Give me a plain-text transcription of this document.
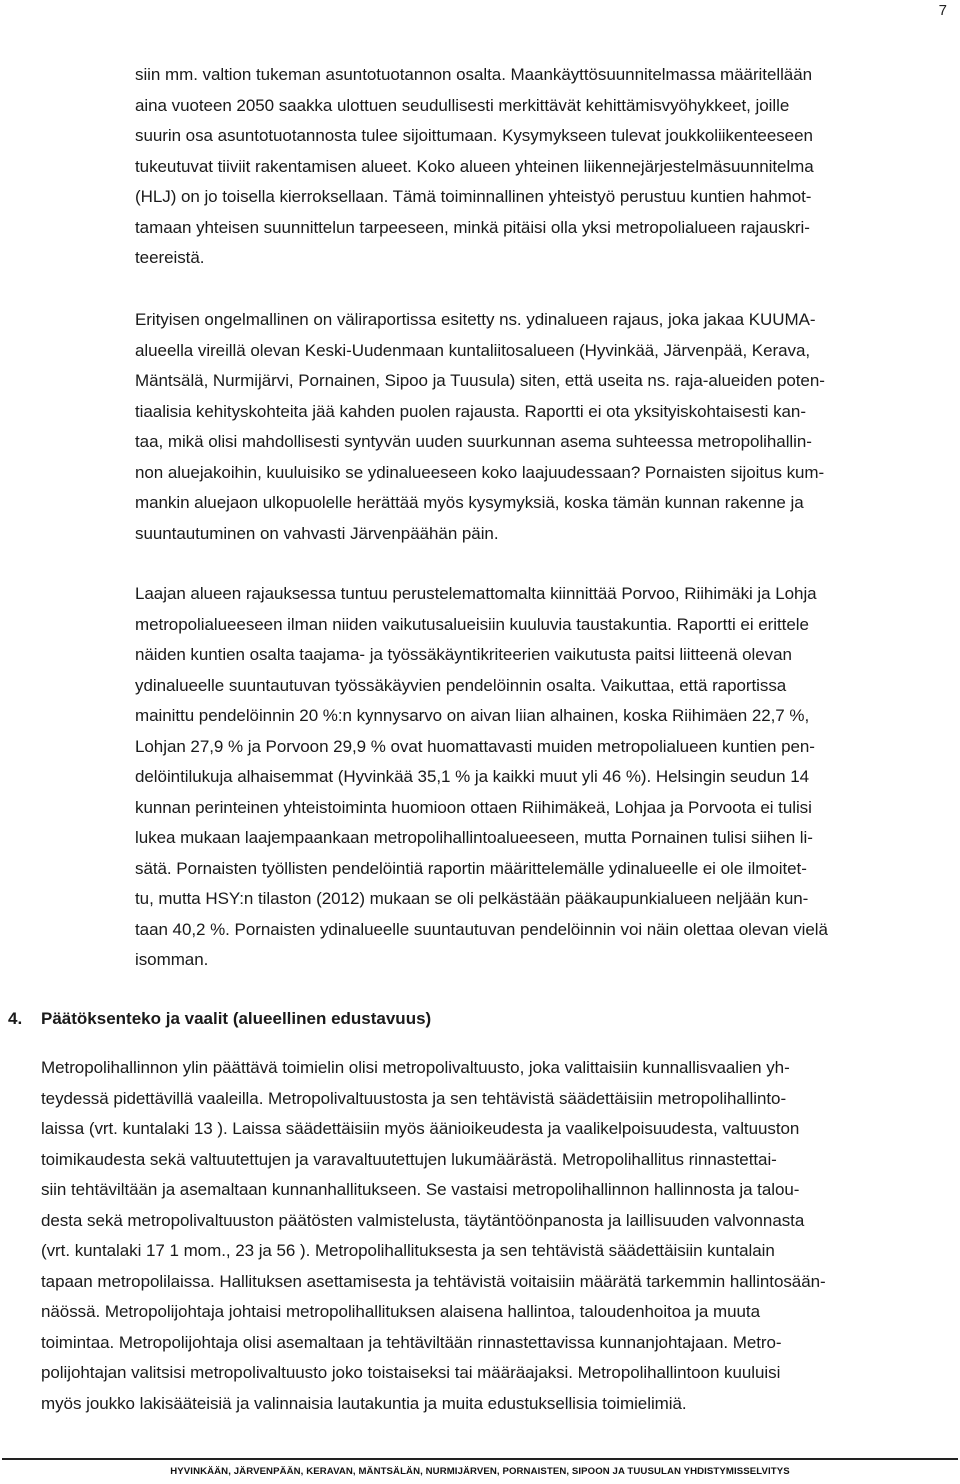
7

siin mm. valtion tukeman asuntotuotannon osalta. Maankäyttösuunnitelmassa määritellään

aina vuoteen 2050 saakka ulottuen seudullisesti merkittävät kehittämisvyöhykkeet, joille

suurin osa asuntotuotannosta tulee sijoittumaan. Kysymykseen tulevat joukkoliikenteeseen

tukeutuvat tiiviit rakentamisen alueet. Koko alueen yhteinen liikennejärjestelmäsuunnitelma

(HLJ) on jo toisella kierroksellaan. Tämä toiminnallinen yhteistyö perustuu kuntien hahmot-

tamaan yhteisen suunnittelun tarpeeseen, minkä pitäisi olla yksi metropolialueen rajauskri-

teereistä.

Erityisen ongelmallinen on väliraportissa esitetty ns. ydinalueen rajaus, joka jakaa KUUMA-

alueella vireillä olevan Keski-Uudenmaan kuntaliitosalueen (Hyvinkää, Järvenpää, Kerava,

Mäntsälä, Nurmijärvi, Pornainen, Sipoo ja Tuusula) siten, että useita ns. raja-alueiden poten-

tiaalisia kehityskohteita jää kahden puolen rajausta. Raportti ei ota yksityiskohtaisesti kan-

taa, mikä olisi mahdollisesti syntyvän uuden suurkunnan asema suhteessa metropolihallin-

non aluejakoihin, kuuluisiko se ydinalueeseen koko laajuudessaan? Pornaisten sijoitus kum-

mankin aluejaon ulkopuolelle herättää myös kysymyksiä, koska tämän kunnan rakenne ja

suuntautuminen on vahvasti Järvenpäähän päin.

Laajan alueen rajauksessa tuntuu perustelemattomalta kiinnittää Porvoo, Riihimäki ja Lohja

metropolialueeseen ilman niiden vaikutusalueisiin kuuluvia taustakuntia. Raportti ei erittele

näiden kuntien osalta taajama- ja työssäkäyntikriteerien vaikutusta paitsi liitteenä olevan

ydinalueelle suuntautuvan työssäkäyvien pendelöinnin osalta. Vaikuttaa, että raportissa

mainittu pendelöinnin 20 %:n kynnysarvo on aivan liian alhainen, koska Riihimäen 22,7 %,

Lohjan 27,9 % ja Porvoon 29,9 % ovat huomattavasti muiden metropolialueen kuntien pen-

delöintilukuja alhaisemmat (Hyvinkää 35,1 % ja kaikki muut yli 46 %). Helsingin seudun 14

kunnan perinteinen yhteistoiminta huomioon ottaen Riihimäkeä, Lohjaa ja Porvoota ei tulisi

lukea mukaan laajempaankaan metropolihallintoalueeseen, mutta Pornainen tulisi siihen li-

sätä. Pornaisten työllisten pendelöintiä raportin määrittelemälle ydinalueelle ei ole ilmoitet-

tu, mutta HSY:n tilaston (2012) mukaan se oli pelkästään pääkaupunkialueen neljään kun-

taan 40,2 %. Pornaisten ydinalueelle suuntautuvan pendelöinnin voi näin olettaa olevan vielä

isomman.

4. Päätöksenteko ja vaalit (alueellinen edustavuus)

Metropolihallinnon ylin päättävä toimielin olisi metropolivaltuusto, joka valittaisiin kunnallisvaalien yh-

teydessä pidettävillä vaaleilla. Metropolivaltuustosta ja sen tehtävistä säädettäisiin metropolihallinto-

laissa (vrt. kuntalaki 13 ). Laissa säädettäisiin myös äänioikeudesta ja vaalikelpoisuudesta, valtuuston

toimikaudesta sekä valtuutettujen ja varavaltuutettujen lukumäärästä. Metropolihallitus rinnastettai-

siin tehtäviltään ja asemaltaan kunnanhallitukseen. Se vastaisi metropolihallinnon hallinnosta ja talou-

desta sekä metropolivaltuuston päätösten valmistelusta, täytäntöönpanosta ja laillisuuden valvonnasta

(vrt. kuntalaki 17 1 mom., 23 ja 56 ). Metropolihallituksesta ja sen tehtävistä säädettäisiin kuntalain

tapaan metropolilaissa. Hallituksen asettamisesta ja tehtävistä voitaisiin määrätä tarkemmin hallintosään-

näössä. Metropolijohtaja johtaisi metropolihallituksen alaisena hallintoa, taloudenhoitoa ja muuta

toimintaa. Metropolijohtaja olisi asemaltaan ja tehtäviltään rinnastettavissa kunnanjohtajaan. Metro-

polijohtajan valitsisi metropolivaltuusto joko toistaiseksi tai määräajaksi. Metropolihallintoon kuuluisi

myös joukko lakisääteisiä ja valinnaisia lautakuntia ja muita edustuksellisia toimielimiä.

HYVINKÄÄN, JÄRVENPÄÄN, KERAVAN, MÄNTSÄLÄN, NURMIJÄRVEN, PORNAISTEN, SIPOON JA TUUSULAN YHDISTYMISSELVITYS
